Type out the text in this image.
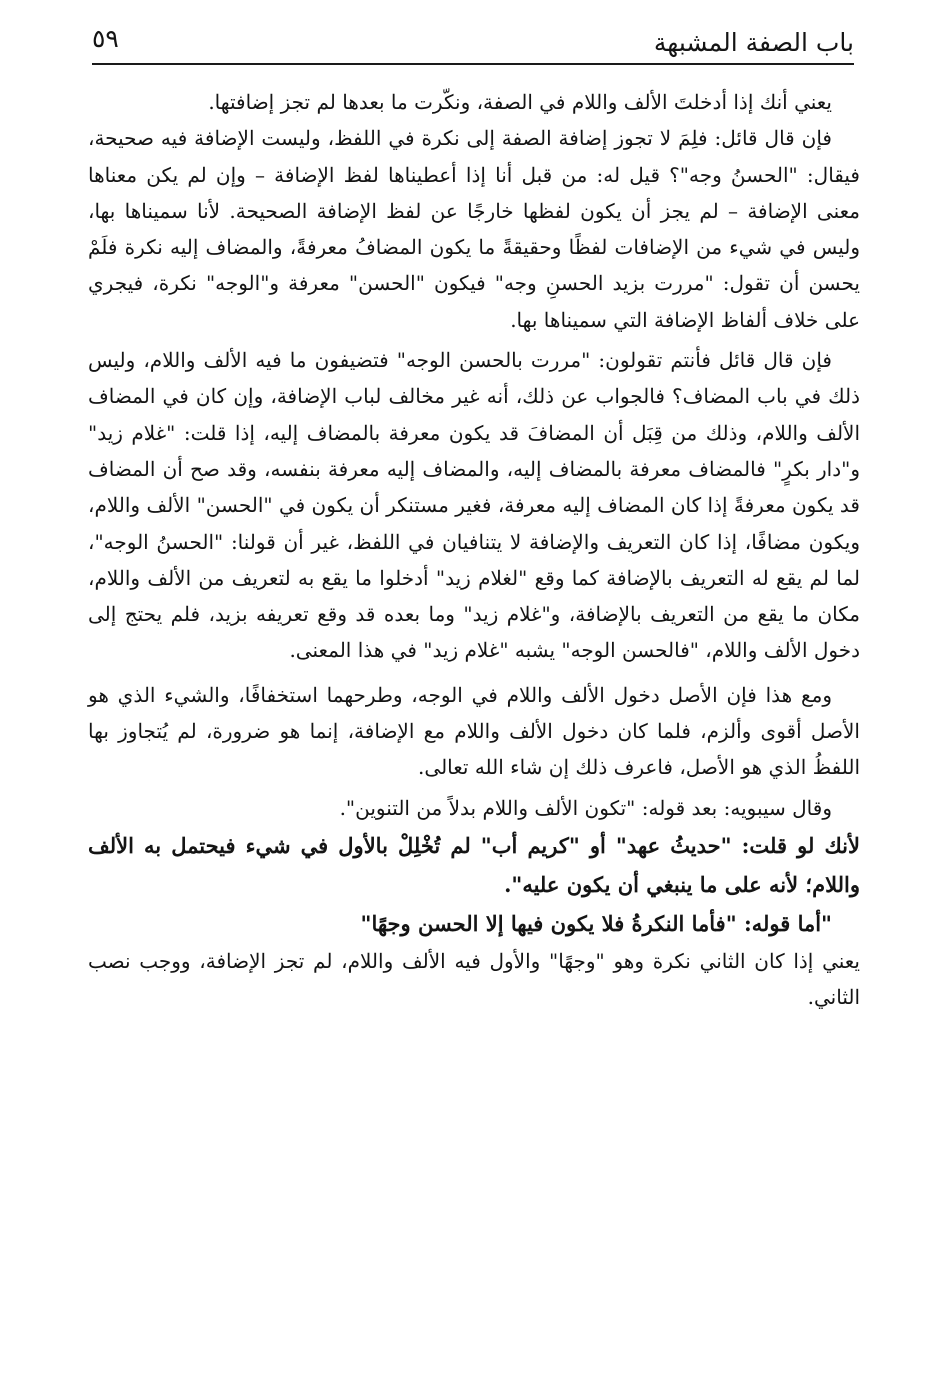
باب الصفة المشبهة
٥٩

يعني أنك إذا أدخلتَ الألف واللام في الصفة، ونكّرت ما بعدها لم تجز إضافتها.

فإن قال قائل: فلِمَ لا تجوز إضافة الصفة إلى نكرة في اللفظ، وليست الإضافة فيه صحيحة، فيقال: "الحسنُ وجه"؟ قيل له: من قبل أنا إذا أعطيناها لفظ الإضافة – وإن لم يكن معناها معنى الإضافة – لم يجز أن يكون لفظها خارجًا عن لفظ الإضافة الصحيحة. لأنا سميناها بها، وليس في شيء من الإضافات لفظًا وحقيقةً ما يكون المضافُ معرفةً، والمضاف إليه نكرة فلَمْ يحسن أن تقول: "مررت بزيد الحسنِ وجه" فيكون "الحسن" معرفة و"الوجه" نكرة، فيجري على خلاف ألفاظ الإضافة التي سميناها بها.

فإن قال قائل فأنتم تقولون: "مررت بالحسن الوجه" فتضيفون ما فيه الألف واللام، وليس ذلك في باب المضاف؟ فالجواب عن ذلك، أنه غير مخالف لباب الإضافة، وإن كان في المضاف الألف واللام، وذلك من قِبَل أن المضافَ قد يكون معرفة بالمضاف إليه، إذا قلت: "غلام زيد" و"دار بكرٍ" فالمضاف معرفة بالمضاف إليه، والمضاف إليه معرفة بنفسه، وقد صح أن المضاف قد يكون معرفةً إذا كان المضاف إليه معرفة، فغير مستنكر أن يكون في "الحسن" الألف واللام، ويكون مضافًا، إذا كان التعريف والإضافة لا يتنافيان في اللفظ، غير أن قولنا: "الحسنُ الوجه"، لما لم يقع له التعريف بالإضافة كما وقع "لغلام زيد" أدخلوا ما يقع به لتعريف من الألف واللام، مكان ما يقع من التعريف بالإضافة، و"غلام زيد" وما بعده قد وقع تعريفه بزيد، فلم يحتج إلى دخول الألف واللام، "فالحسن الوجه" يشبه "غلام زيد" في هذا المعنى.

ومع هذا فإن الأصل دخول الألف واللام في الوجه، وطرحهما استخفافًا، والشيء الذي هو الأصل أقوى وألزم، فلما كان دخول الألف واللام مع الإضافة، إنما هو ضرورة، لم يُتجاوز بها اللفظُ الذي هو الأصل، فاعرف ذلك إن شاء الله تعالى.

وقال سيبويه: بعد قوله: "تكون الألف واللام بدلاً من التنوين".

لأنك لو قلت: "حديثُ عهد" أو "كريم أب" لم تُخْلِلْ بالأول في شيء فيحتمل به الألف واللام؛ لأنه على ما ينبغي أن يكون عليه".

"أما قوله: "فأما النكرةُ فلا يكون فيها إلا الحسن وجهًا"

يعني إذا كان الثاني نكرة وهو "وجهًا" والأول فيه الألف واللام، لم تجز الإضافة، ووجب نصب الثاني.
